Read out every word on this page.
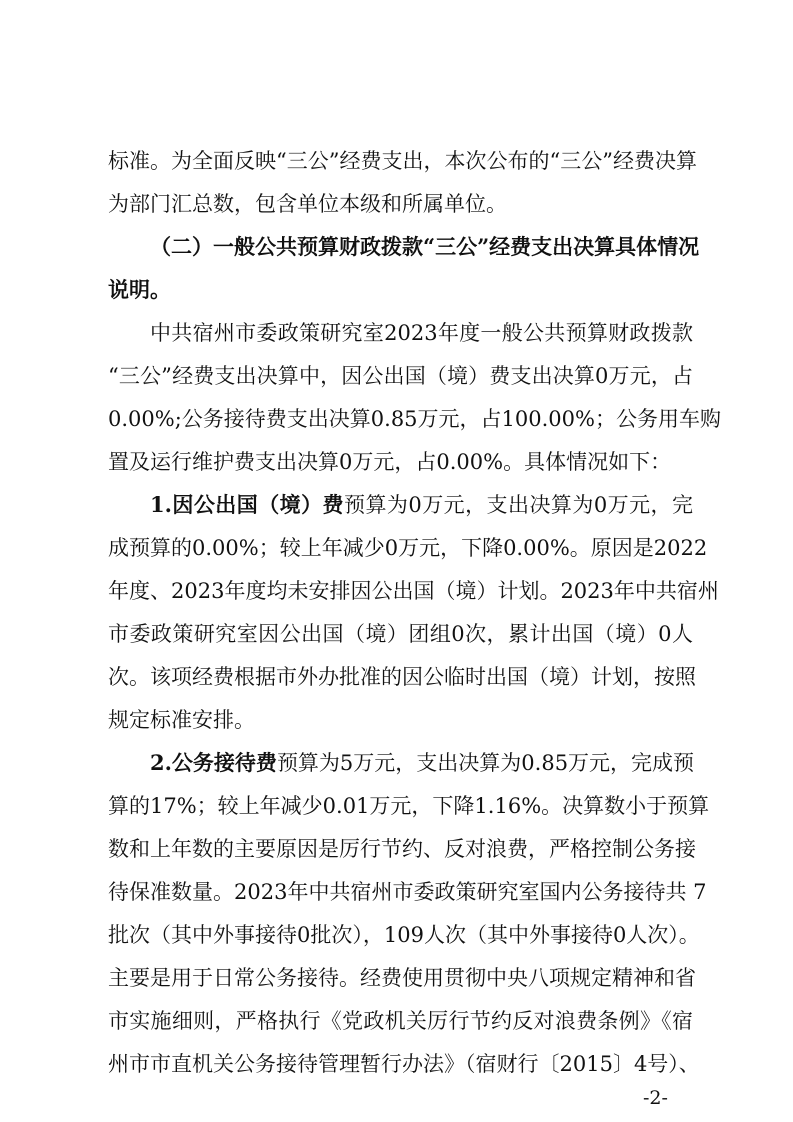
标准。为全面反映“三公”经费支出，本次公布的“三公”经费决算
为部门汇总数，包含单位本级和所属单位。
（二）一般公共预算财政拨款“三公”经费支出决算具体情况
说明。
中共宿州市委政策研究室2023年度一般公共预算财政拨款
“三公”经费支出决算中，因公出国（境）费支出决算0万元，占
0.00%;公务接待费支出决算0.85万元，占100.00%；公务用车购
置及运行维护费支出决算0万元，占0.00%。具体情况如下：
1.因公出国（境）费预算为0万元，支出决算为0万元，完
成预算的0.00%；较上年减少0万元，下降0.00%。原因是2022
年度、2023年度均未安排因公出国（境）计划。2023年中共宿州
市委政策研究室因公出国（境）团组0次，累计出国（境）0人
次。该项经费根据市外办批准的因公临时出国（境）计划，按照
规定标准安排。
2.公务接待费预算为5万元，支出决算为0.85万元，完成预
算的17%；较上年减少0.01万元，下降1.16%。决算数小于预算
数和上年数的主要原因是厉行节约、反对浪费，严格控制公务接
待保准数量。2023年中共宿州市委政策研究室国内公务接待共 7
批次（其中外事接待0批次），109人次（其中外事接待0人次）。
主要是用于日常公务接待。经费使用贯彻中央八项规定精神和省
市实施细则，严格执行《党政机关厉行节约反对浪费条例》《宿
州市市直机关公务接待管理暂行办法》（宿财行〔2015〕4号）、
-2-
